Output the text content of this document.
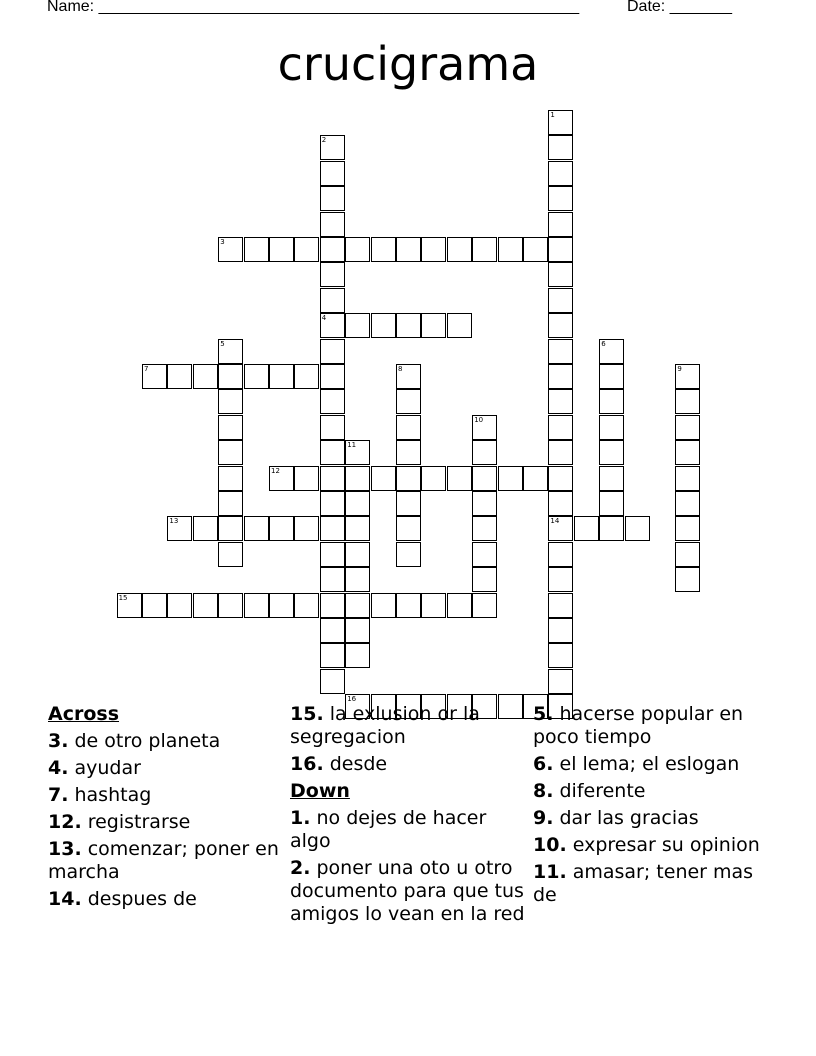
Name: ______________________________________________________	Date: _______
crucigrama
1
14
2
4
3
5	6
7	8	9
10
11
12
13
15
16
Across
3. de otro planeta
4. ayudar
7. hashtag
12. registrarse
13. comenzar; poner en marcha
14. despues de
15. la exlusion or la segregacion
16. desde
Down
1. no dejes de hacer algo
2. poner una oto u otro documento para que tus amigos lo vean en la red
5. hacerse popular en poco tiempo
6. el lema; el eslogan
8. diferente
9. dar las gracias
10. expresar su opinion
11. amasar; tener mas de
